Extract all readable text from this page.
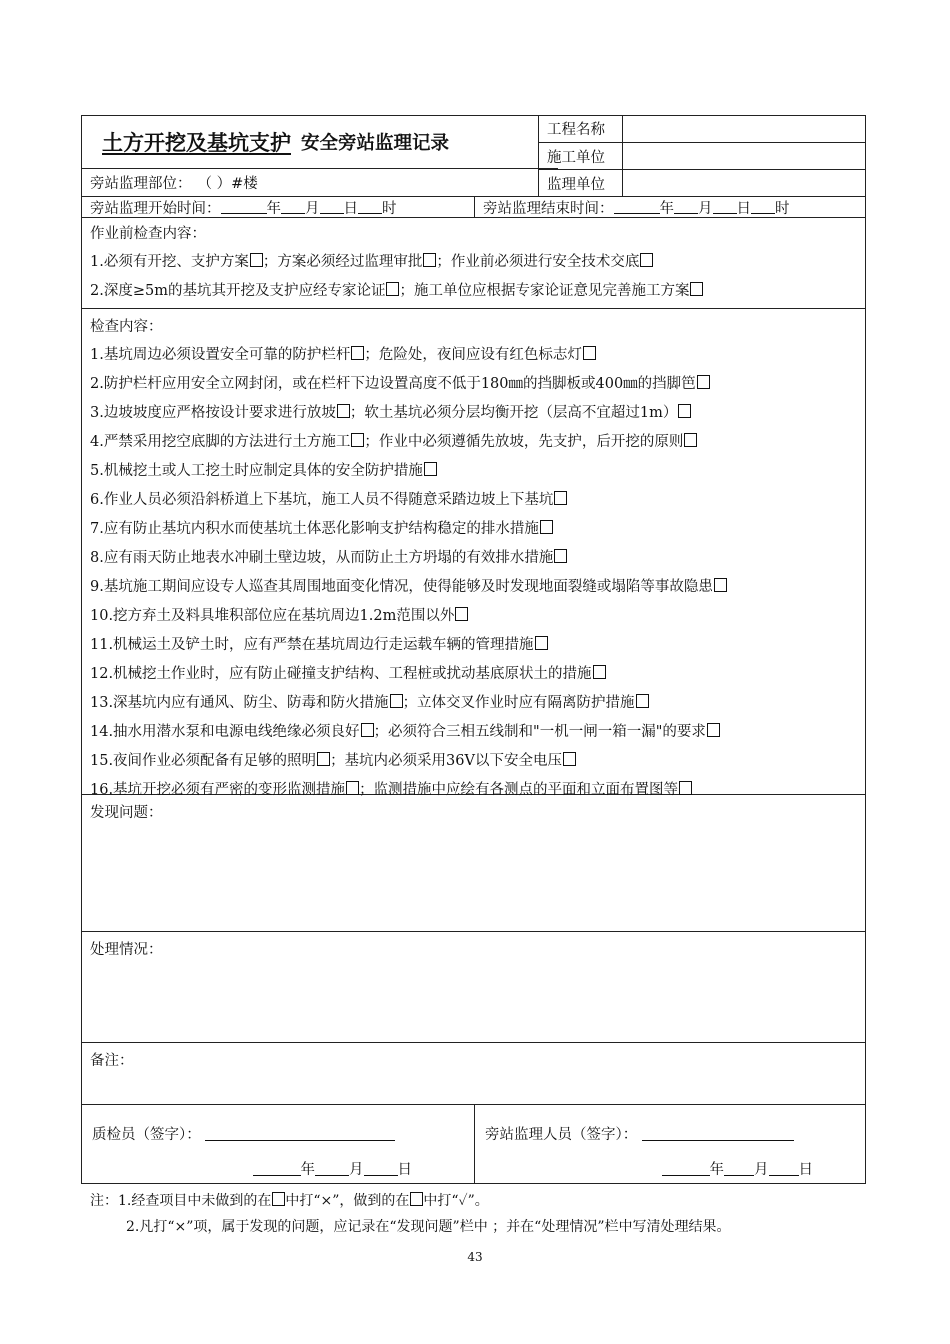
土方开挖及基坑支护 安全旁站监理记录
旁站监理部位： （ ）#楼
工程名称
施工单位
监理单位
旁站监理开始时间：	年 月 日 时	旁站监理结束时间：	年 月 日 时
作业前检查内容：
1.必须有开挖、支护方案 ；方案必须经过监理审批 ；作业前必须进行安全技术交底
2.深度≥5m的基坑其开挖及支护应经专家论证 ；施工单位应根据专家论证意见完善施工方案
检查内容：
1.基坑周边必须设置安全可靠的防护栏杆 ；危险处，夜间应设有红色标志灯
2.防护栏杆应用安全立网封闭，或在栏杆下边设置高度不低于180㎜的挡脚板或400㎜的挡脚笆
3.边坡坡度应严格按设计要求进行放坡 ；软土基坑必须分层均衡开挖（层高不宜超过1m）
4.严禁采用挖空底脚的方法进行土方施工 ；作业中必须遵循先放坡，先支护，后开挖的原则
5.机械挖土或人工挖土时应制定具体的安全防护措施
6.作业人员必须沿斜桥道上下基坑，施工人员不得随意采踏边坡上下基坑
7.应有防止基坑内积水而使基坑土体恶化影响支护结构稳定的排水措施
8.应有雨天防止地表水冲刷土壁边坡，从而防止土方坍塌的有效排水措施
9.基坑施工期间应设专人巡查其周围地面变化情况，使得能够及时发现地面裂缝或塌陷等事故隐患
10.挖方弃土及料具堆积部位应在基坑周边1.2m范围以外
11.机械运土及铲土时，应有严禁在基坑周边行走运载车辆的管理措施
12.机械挖土作业时，应有防止碰撞支护结构、工程桩或扰动基底原状土的措施
13.深基坑内应有通风、防尘、防毒和防火措施 ；立体交叉作业时应有隔离防护措施
14.抽水用潜水泵和电源电线绝缘必须良好 ；必须符合三相五线制和"一机一闸一箱一漏"的要求
15.夜间作业必须配备有足够的照明 ；基坑内必须采用36V以下安全电压
16.基坑开挖必须有严密的变形监测措施 ；监测措施中应绘有各测点的平面和立面布置图等
发现问题：
处理情况：
备注：
质检员（签字）：
年 月 日
旁站监理人员（签字）：
年 月 日
注：1.经查项目中未做到的在 中打“×”，做到的在 中打“✓”。
2.凡打“×”项，属于发现的问题，应记录在“发现问题”栏中 ；并在“处理情况”栏中写清处理结果。
43
